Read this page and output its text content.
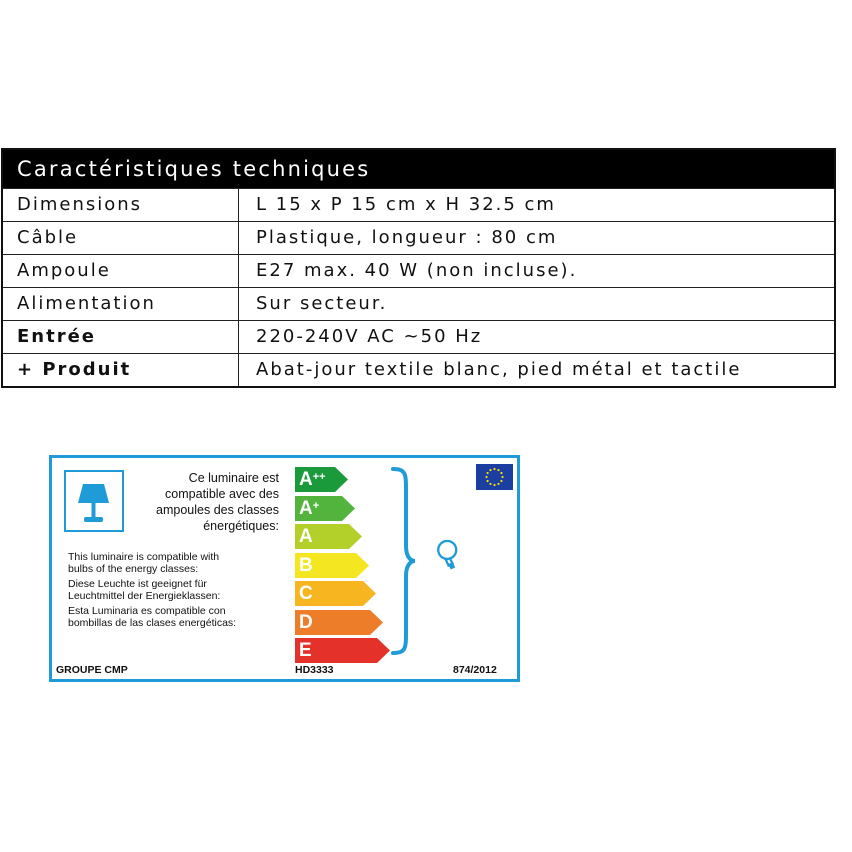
Caractéristiques techniques
Dimensions	L 15 x P 15 cm x H 32.5 cm
Câble	Plastique, longueur : 80 cm
Ampoule	E27 max. 40 W (non incluse).
Alimentation	Sur secteur.
Entrée	220-240V AC ~50 Hz
+ Produit	Abat-jour textile blanc, pied métal et tactile
Ce luminaire est
compatible avec des
ampoules des classes
énergétiques:

This luminaire is compatible with
bulbs of the energy classes:

Diese Leuchte ist geeignet für
Leuchtmittel der Energieklassen:

Esta Luminaria es compatible con
bombillas de las clases energéticas:

A++
A+
A
B
C
D
E
GROUPE CMP	HD3333	874/2012
